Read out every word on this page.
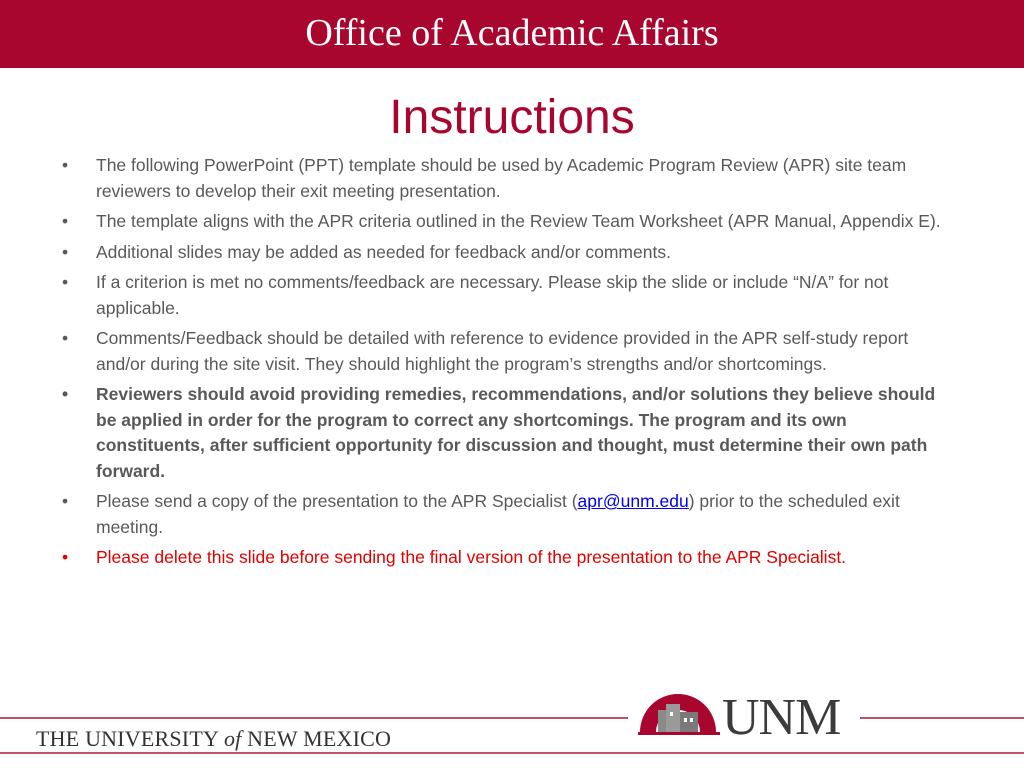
Office of Academic Affairs
Instructions
• The following PowerPoint (PPT) template should be used by Academic Program Review (APR) site team reviewers to develop their exit meeting presentation.
• The template aligns with the APR criteria outlined in the Review Team Worksheet (APR Manual, Appendix E).
• Additional slides may be added as needed for feedback and/or comments.
• If a criterion is met no comments/feedback are necessary. Please skip the slide or include “N/A” for not applicable.
• Comments/Feedback should be detailed with reference to evidence provided in the APR self-study report and/or during the site visit. They should highlight the program’s strengths and/or shortcomings.
• Reviewers should avoid providing remedies, recommendations, and/or solutions they believe should be applied in order for the program to correct any shortcomings. The program and its own constituents, after sufficient opportunity for discussion and thought, must determine their own path forward.
• Please send a copy of the presentation to the APR Specialist (apr@unm.edu) prior to the scheduled exit meeting.
• Please delete this slide before sending the final version of the presentation to the APR Specialist.
THE UNIVERSITY of NEW MEXICO	UNM
